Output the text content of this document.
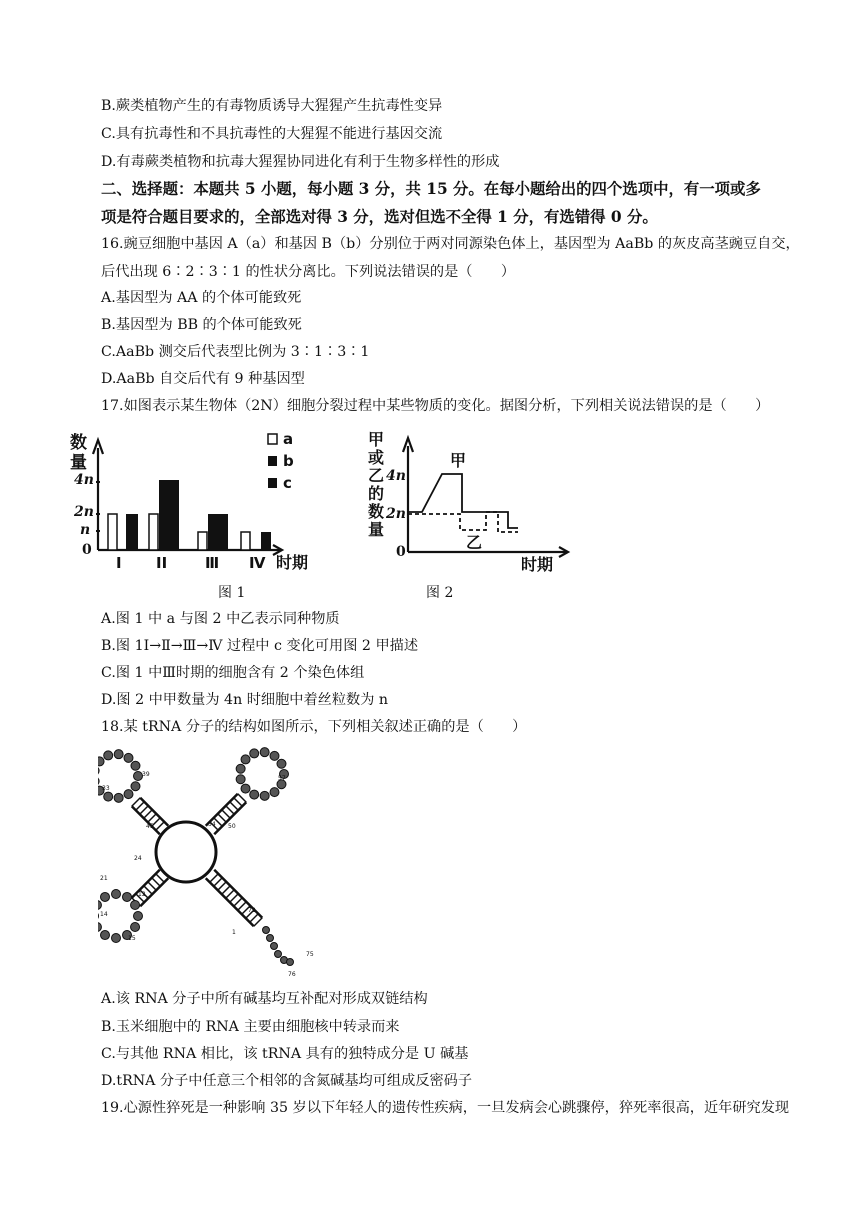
B.蕨类植物产生的有毒物质诱导大猩猩产生抗毒性变异
C.具有抗毒性和不具抗毒性的大猩猩不能进行基因交流
D.有毒蕨类植物和抗毒大猩猩协同进化有利于生物多样性的形成
二、选择题：本题共 5 小题，每小题 3 分，共 15 分。在每小题给出的四个选项中，有一项或多
项是符合题目要求的，全部选对得 3 分，选对但选不全得 1 分，有选错得 0 分。
16.豌豆细胞中基因 A（a）和基因 B（b）分别位于两对同源染色体上，基因型为 AaBb 的灰皮高茎豌豆自交，
后代出现 6∶2∶3∶1 的性状分离比。下列说法错误的是（　　）
A.基因型为 AA 的个体可能致死
B.基因型为 BB 的个体可能致死
C.AaBb 测交后代表型比例为 3∶1∶3∶1
D.AaBb 自交后代有 9 种基因型
17.如图表示某生物体（2N）细胞分裂过程中某些物质的变化。据图分析，下列相关说法错误的是（　　）
数
量
4n
2n
n
0
I II	Ⅲ Ⅳ 时期
a
b
c
甲
或
乙
的
数
量
4n
2n
0
甲
乙
时期
图 1	图 2
A.图 1 中 a 与图 2 中乙表示同种物质
B.图 1I→Ⅱ→Ⅲ→Ⅳ 过程中 c 变化可用图 2 甲描述
C.图 1 中Ⅲ时期的细胞含有 2 个染色体组
D.图 2 中甲数量为 4n 时细胞中着丝粒数为 n
18.某 tRNA 分子的结构如图所示，下列相关叙述正确的是（　　）
39
33
45	54
57
50
24
21
12
14
15
72
1
75
76
A.该 RNA 分子中所有碱基均互补配对形成双链结构
B.玉米细胞中的 RNA 主要由细胞核中转录而来
C.与其他 RNA 相比，该 tRNA 具有的独特成分是 U 碱基
D.tRNA 分子中任意三个相邻的含氮碱基均可组成反密码子
19.心源性猝死是一种影响 35 岁以下年轻人的遗传性疾病，一旦发病会心跳骤停，猝死率很高，近年研究发现
